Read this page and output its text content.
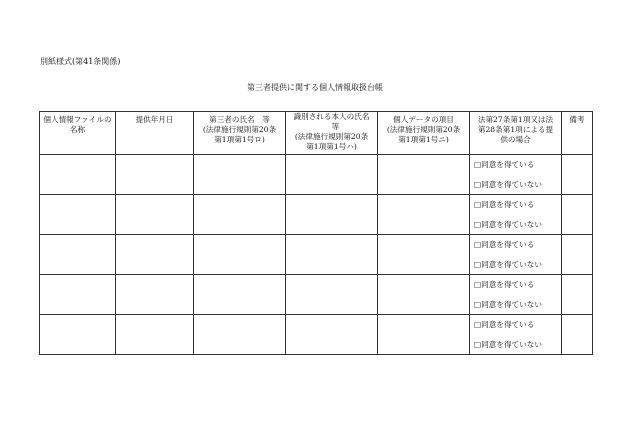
別紙様式(第41条関係)
第三者提供に関する個人情報取扱台帳
個人情報ファイルの
名称	提供年月日	第三者の氏名　等
(法律施行規則第20条
第1項第1号ロ)	識別される本人の氏名
　等
(法律施行規則第20条
第1項第1号ハ)	個人データの項目
(法律施行規則第20条
第1項第1号ニ)	法第27条第1項又は法
第28条第1項による提
供の場合	備考

					□同意を得ている
□同意を得ていない	

					□同意を得ている
□同意を得ていない	

					□同意を得ている
□同意を得ていない	

					□同意を得ている
□同意を得ていない	

					□同意を得ている
□同意を得ていない	
